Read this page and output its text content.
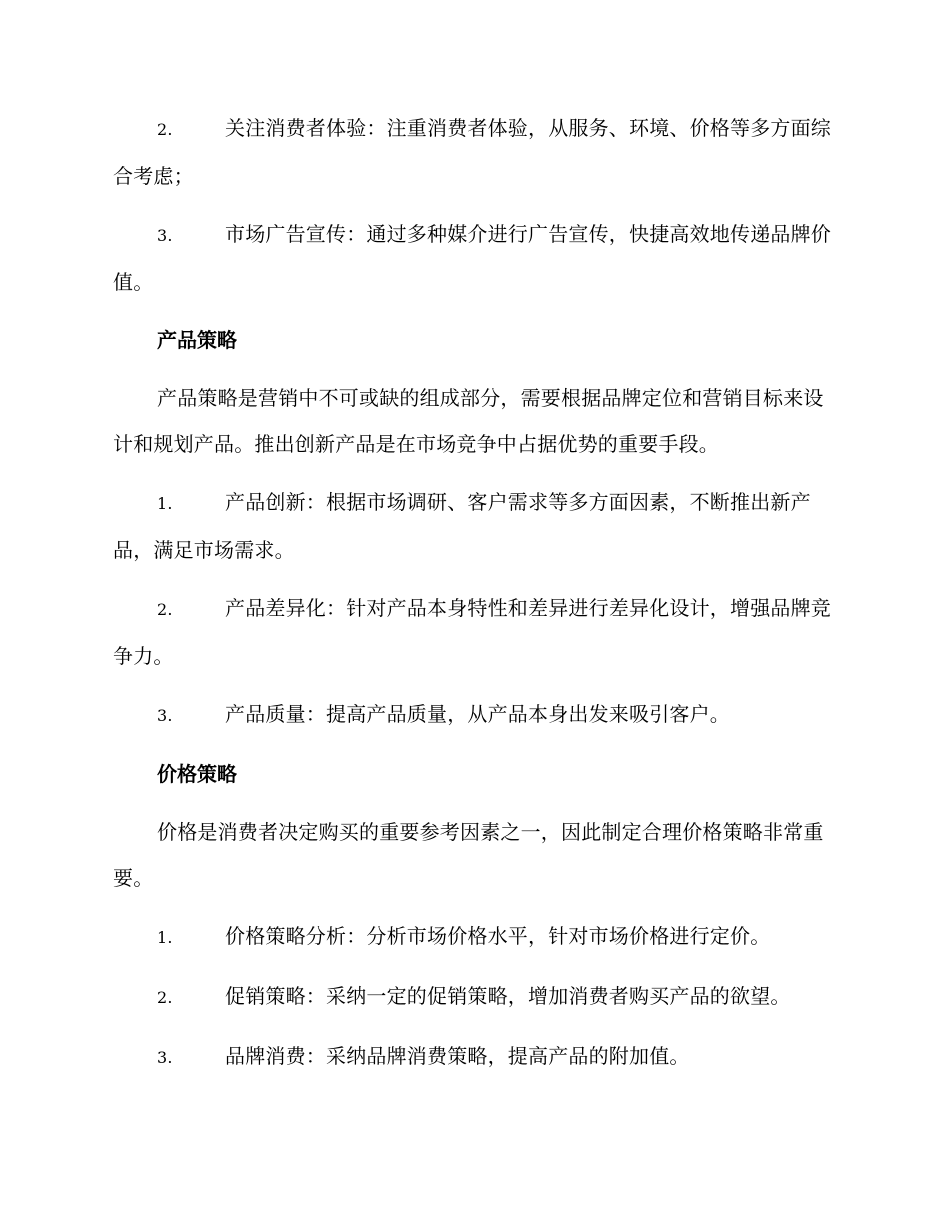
2.	关注消费者体验：注重消费者体验，从服务、环境、价格等多方面综合考虑；

3.	市场广告宣传：通过多种媒介进行广告宣传，快捷高效地传递品牌价值。

产品策略

产品策略是营销中不可或缺的组成部分，需要根据品牌定位和营销目标来设计和规划产品。推出创新产品是在市场竞争中占据优势的重要手段。

1.	产品创新：根据市场调研、客户需求等多方面因素，不断推出新产品，满足市场需求。

2.	产品差异化：针对产品本身特性和差异进行差异化设计，增强品牌竞争力。

3.	产品质量：提高产品质量，从产品本身出发来吸引客户。

价格策略

价格是消费者决定购买的重要参考因素之一，因此制定合理价格策略非常重要。

1.	价格策略分析：分析市场价格水平，针对市场价格进行定价。

2.	促销策略：采纳一定的促销策略，增加消费者购买产品的欲望。

3.	品牌消费：采纳品牌消费策略，提高产品的附加值。
